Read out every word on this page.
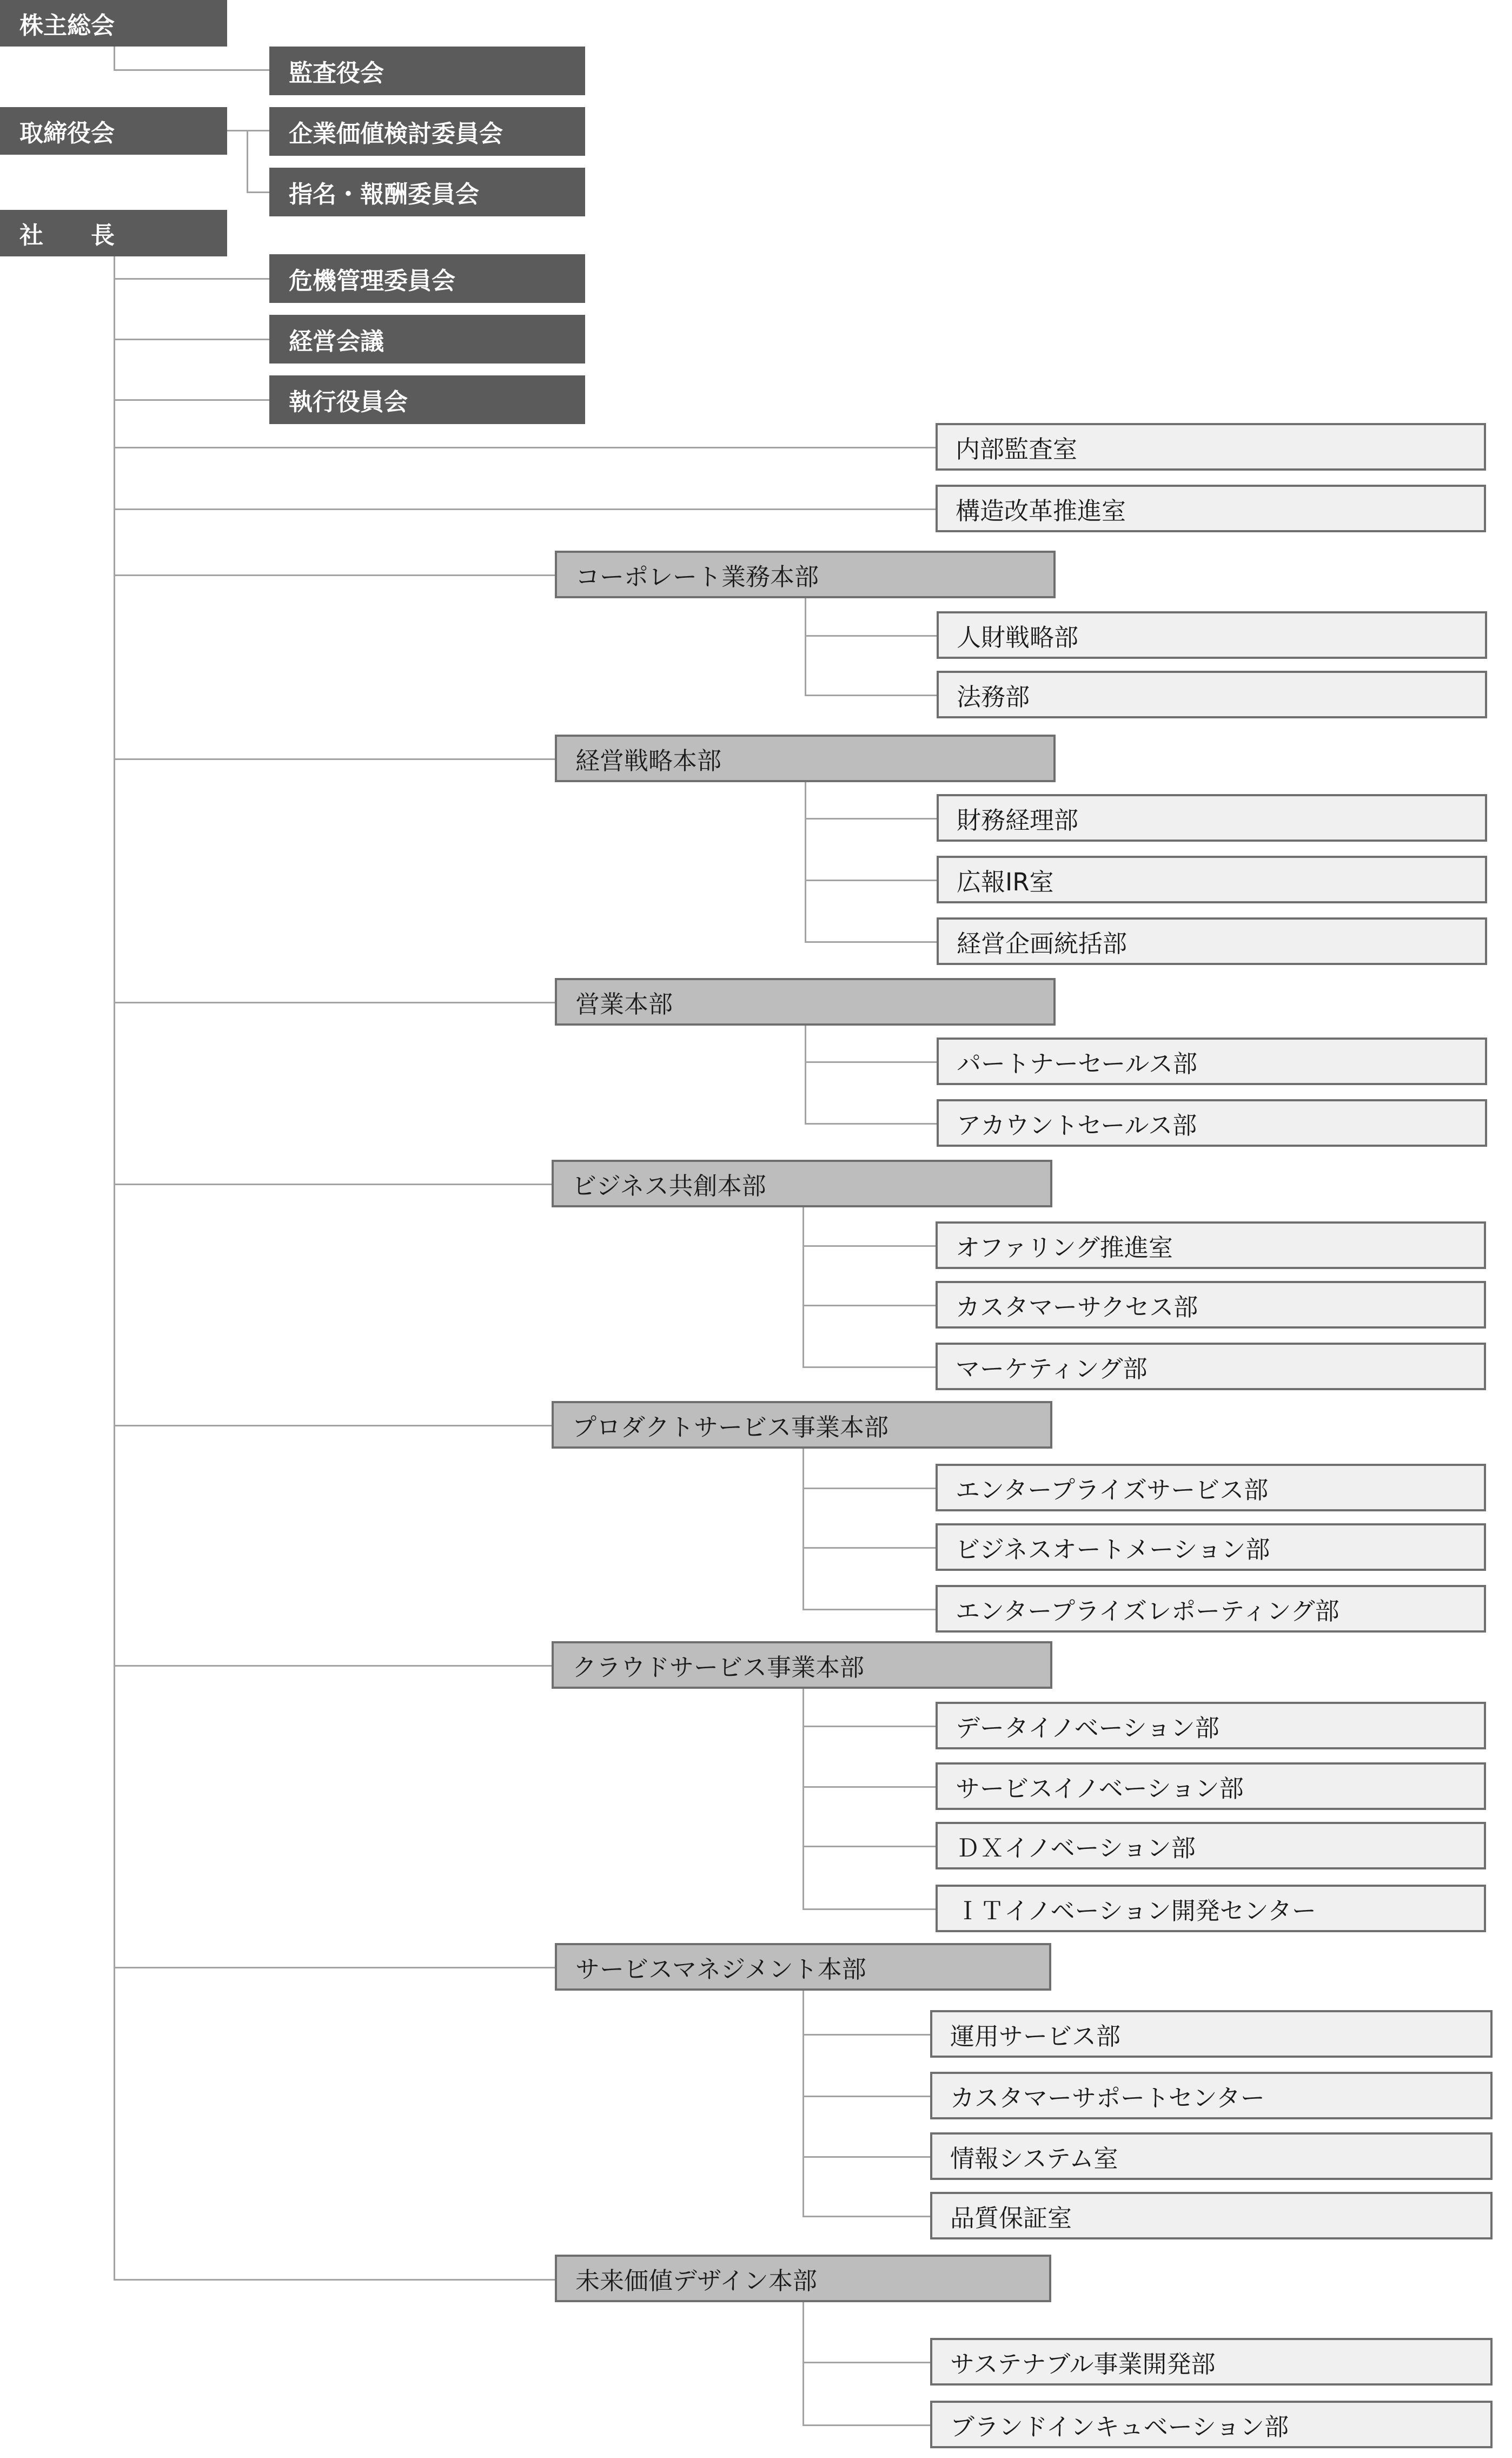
株主総会
監査役会
取締役会	企業価値検討委員会
指名・報酬委員会
社　　長
危機管理委員会
経営会議
執行役員会
内部監査室
構造改革推進室
コーポレート業務本部
人財戦略部
法務部
経営戦略本部
財務経理部
広報IR室
経営企画統括部
営業本部
パートナーセールス部
アカウントセールス部
ビジネス共創本部
オファリング推進室
カスタマーサクセス部
マーケティング部
プロダクトサービス事業本部
エンタープライズサービス部
ビジネスオートメーション部
エンタープライズレポーティング部
クラウドサービス事業本部
データイノベーション部
サービスイノベーション部
ＤＸイノベーション部
ＩＴイノベーション開発センター
サービスマネジメント本部
運用サービス部
カスタマーサポートセンター
情報システム室
品質保証室
未来価値デザイン本部
サステナブル事業開発部
ブランドインキュベーション部
